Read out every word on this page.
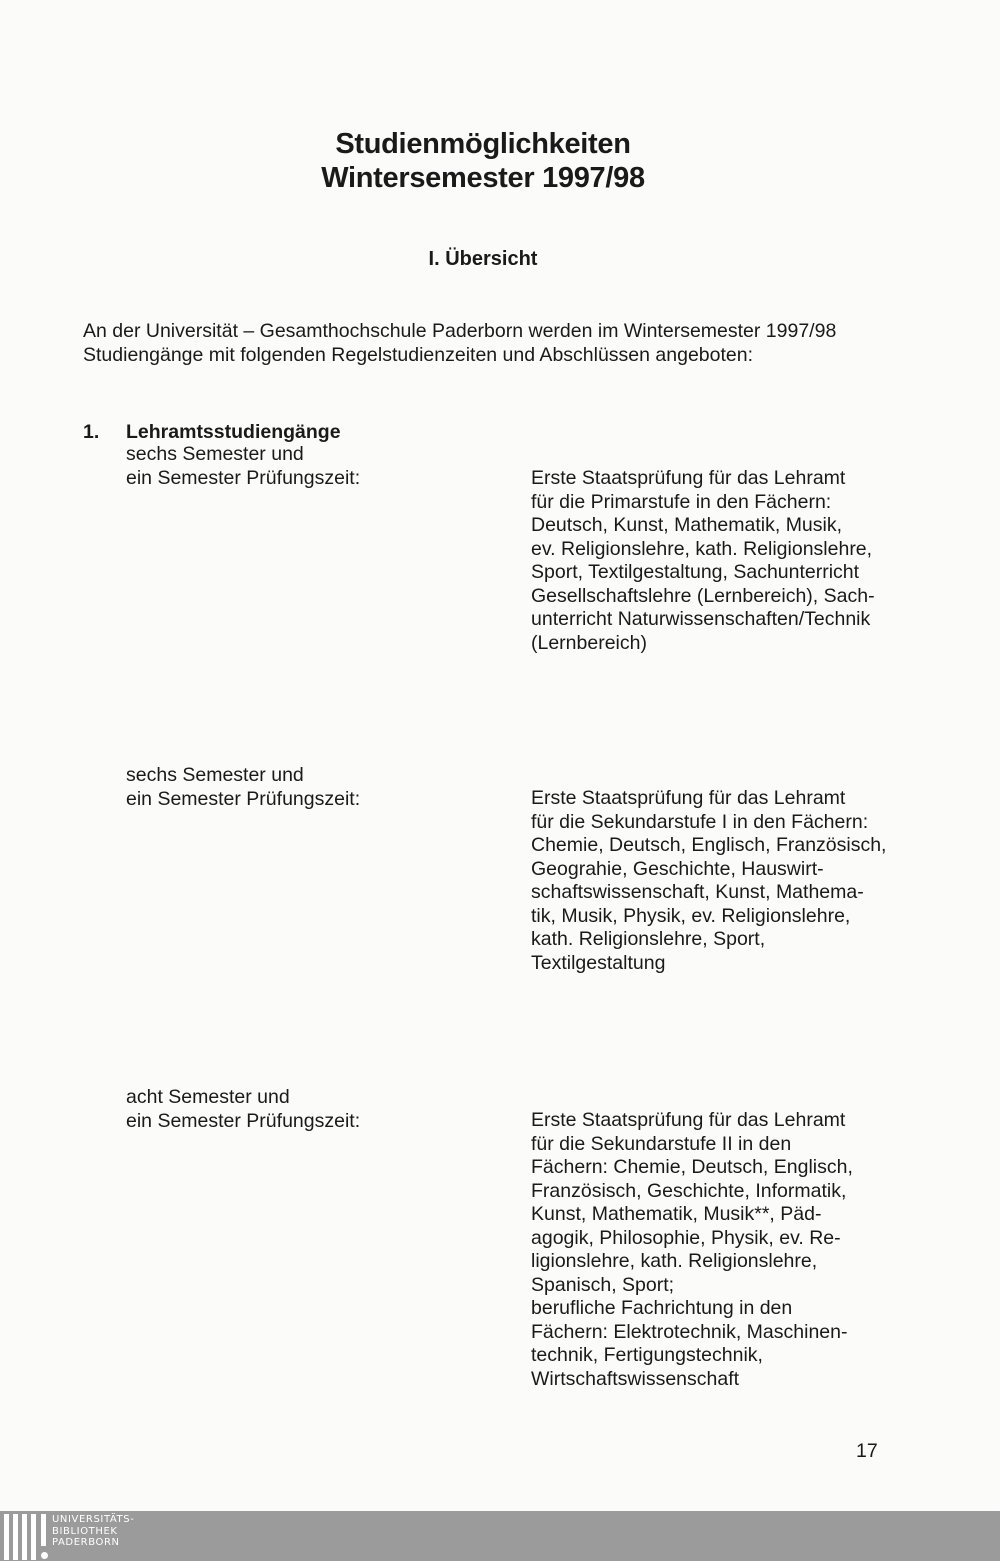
Studienmöglichkeiten
Wintersemester 1997/98
I. Übersicht
An der Universität – Gesamthochschule Paderborn werden im Wintersemester 1997/98
Studiengänge mit folgenden Regelstudienzeiten und Abschlüssen angeboten:
1. Lehramtsstudiengänge
sechs Semester und
ein Semester Prüfungszeit:	Erste Staatsprüfung für das Lehramt
für die Primarstufe in den Fächern:
Deutsch, Kunst, Mathematik, Musik,
ev. Religionslehre, kath. Religionslehre,
Sport, Textilgestaltung, Sachunterricht
Gesellschaftslehre (Lernbereich), Sach-
unterricht Naturwissenschaften/Technik
(Lernbereich)
sechs Semester und
ein Semester Prüfungszeit:	Erste Staatsprüfung für das Lehramt
für die Sekundarstufe I in den Fächern:
Chemie, Deutsch, Englisch, Französisch,
Geograhie, Geschichte, Hauswirt-
schaftswissenschaft, Kunst, Mathema-
tik, Musik, Physik, ev. Religionslehre,
kath. Religionslehre, Sport,
Textilgestaltung
acht Semester und
ein Semester Prüfungszeit:	Erste Staatsprüfung für das Lehramt
für die Sekundarstufe II in den
Fächern: Chemie, Deutsch, Englisch,
Französisch, Geschichte, Informatik,
Kunst, Mathematik, Musik**, Päd-
agogik, Philosophie, Physik, ev. Re-
ligionslehre, kath. Religionslehre,
Spanisch, Sport;
berufliche Fachrichtung in den
Fächern: Elektrotechnik, Maschinen-
technik, Fertigungstechnik,
Wirtschaftswissenschaft
17
UNIVERSITÄTS-
BIBLIOTHEK
PADERBORN
